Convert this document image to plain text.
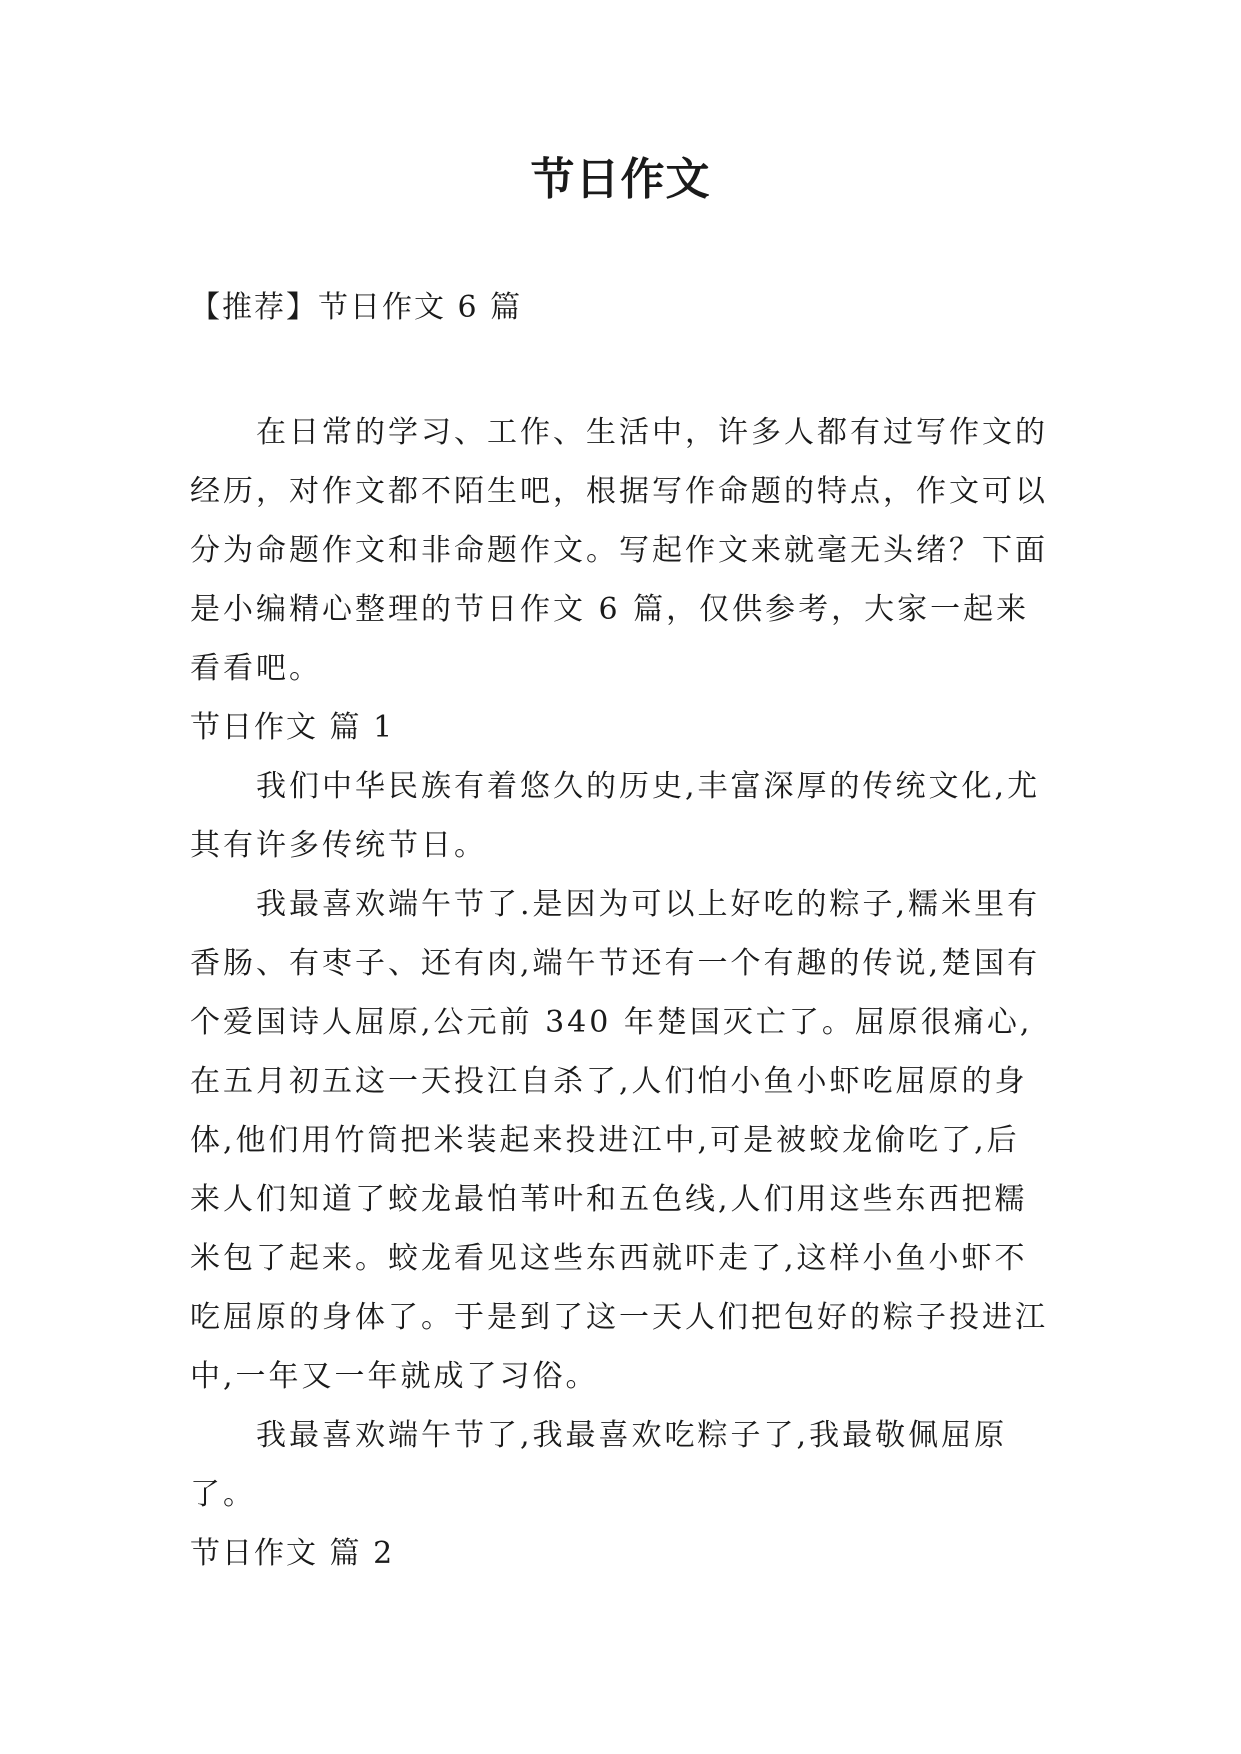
节日作文

【推荐】节日作文 6 篇

在日常的学习、工作、生活中，许多人都有过写作文的经历，对作文都不陌生吧，根据写作命题的特点，作文可以分为命题作文和非命题作文。写起作文来就毫无头绪？下面是小编精心整理的节日作文 6 篇，仅供参考，大家一起来看看吧。

节日作文 篇 1

我们中华民族有着悠久的历史,丰富深厚的传统文化,尤其有许多传统节日。

我最喜欢端午节了.是因为可以上好吃的粽子,糯米里有香肠、有枣子、还有肉,端午节还有一个有趣的传说,楚国有个爱国诗人屈原,公元前 340 年楚国灭亡了。屈原很痛心,在五月初五这一天投江自杀了,人们怕小鱼小虾吃屈原的身体,他们用竹筒把米装起来投进江中,可是被蛟龙偷吃了,后来人们知道了蛟龙最怕苇叶和五色线,人们用这些东西把糯米包了起来。蛟龙看见这些东西就吓走了,这样小鱼小虾不吃屈原的身体了。于是到了这一天人们把包好的粽子投进江中,一年又一年就成了习俗。

我最喜欢端午节了,我最喜欢吃粽子了,我最敬佩屈原了。

节日作文 篇 2
